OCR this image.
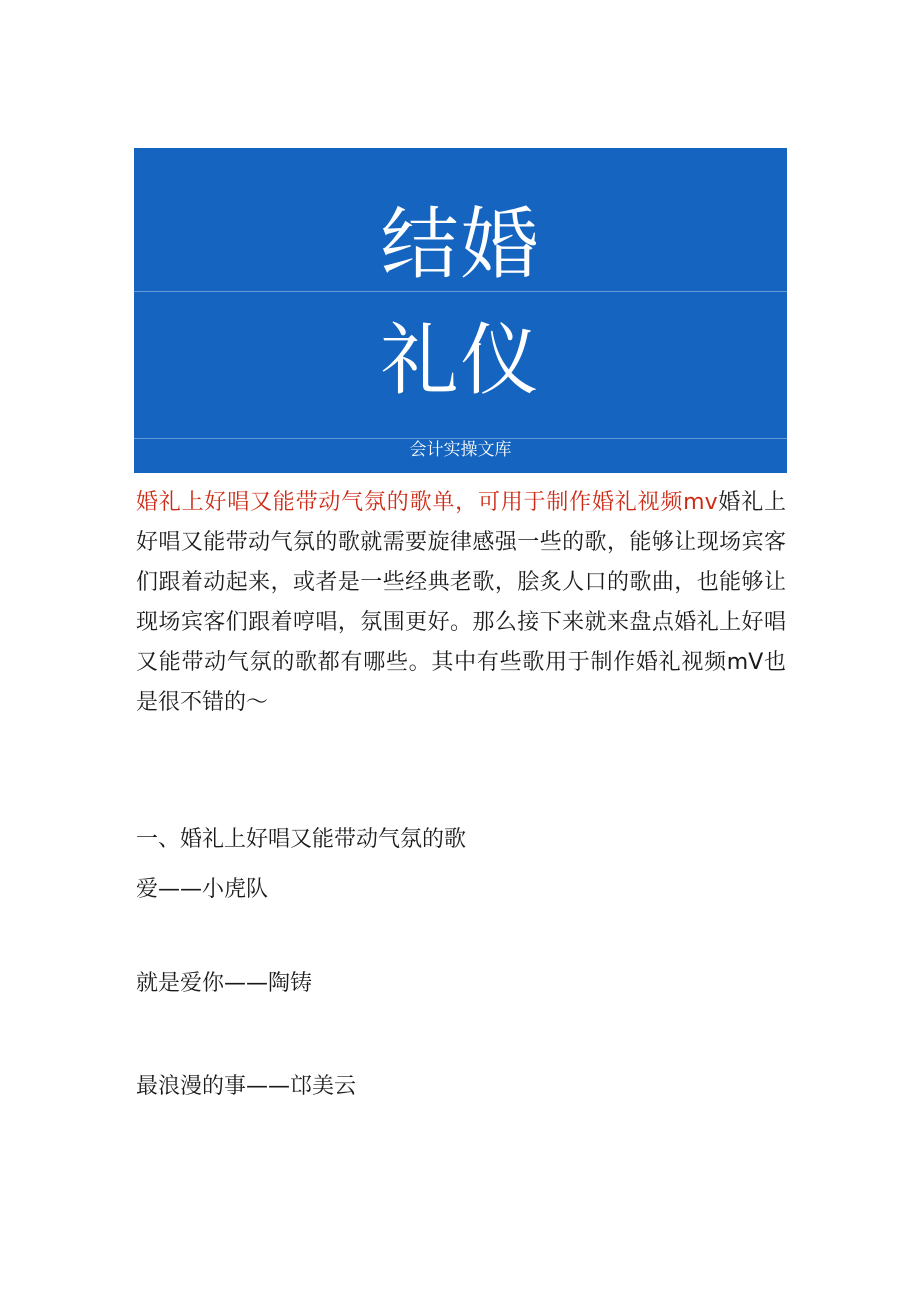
结婚
礼仪
会计实操文库

婚礼上好唱又能带动气氛的歌单，可用于制作婚礼视频mv婚礼上好唱又能带动气氛的歌就需要旋律感强一些的歌，能够让现场宾客们跟着动起来，或者是一些经典老歌，脍炙人口的歌曲，也能够让现场宾客们跟着哼唱，氛围更好。那么接下来就来盘点婚礼上好唱又能带动气氛的歌都有哪些。其中有些歌用于制作婚礼视频mV也是很不错的〜

一、婚礼上好唱又能带动气氛的歌

爱——小虎队

就是爱你——陶铸

最浪漫的事——邙美云
